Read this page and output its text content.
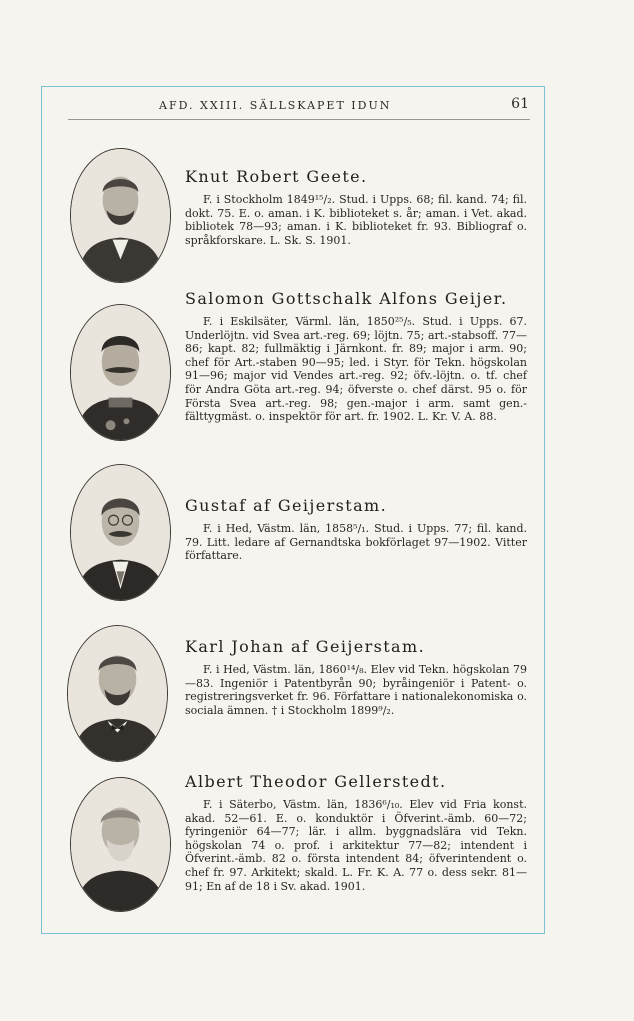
AFD. XXIII. SÄLLSKAPET IDUN	61
Knut Robert Geete.

F. i Stockholm 1849¹⁵/₂. Stud. i Upps. 68; fil. kand. 74; fil. dokt. 75. E. o. aman. i K. biblioteket s. år; aman. i Vet. akad. bibliotek 78—93; aman. i K. biblioteket fr. 93. Bibliograf o. språkforskare. L. Sk. S. 1901.

Salomon Gottschalk Alfons Geijer.

F. i Eskilsäter, Värml. län, 1850²⁵/₅. Stud. i Upps. 67. Underlöjtn. vid Svea art.-reg. 69; löjtn. 75; art.-stabsoff. 77—86; kapt. 82; fullmäktig i Järnkont. fr. 89; major i arm. 90; chef för Art.-staben 90—95; led. i Styr. för Tekn. högskolan 91—96; major vid Vendes art.-reg. 92; öfv.-löjtn. o. tf. chef för Andra Göta art.-reg. 94; öfverste o. chef därst. 95 o. för Första Svea art.-reg. 98; gen.-major i arm. samt gen.-fälttygmäst. o. inspektör för art. fr. 1902. L. Kr. V. A. 88.

Gustaf af Geijerstam.

F. i Hed, Västm. län, 1858⁵/₁. Stud. i Upps. 77; fil. kand. 79. Litt. ledare af Gernandtska bokförlaget 97—1902. Vitter författare.

Karl Johan af Geijerstam.

F. i Hed, Västm. län, 1860¹⁴/₈. Elev vid Tekn. högskolan 79—83. Ingeniör i Patentbyrån 90; byråingeniör i Patent- o. registreringsverket fr. 96. Författare i nationalekonomiska o. sociala ämnen. † i Stockholm 1899⁹/₂.

Albert Theodor Gellerstedt.

F. i Säterbo, Västm. län, 1836⁶/₁₀. Elev vid Fria konst. akad. 52—61. E. o. konduktör i Öfverint.-ämb. 60—72; fyringeniör 64—77; lär. i allm. byggnadslära vid Tekn. högskolan 74 o. prof. i arkitektur 77—82; intendent i Öfverint.-ämb. 82 o. första intendent 84; öfverintendent o. chef fr. 97. Arkitekt; skald. L. Fr. K. A. 77 o. dess sekr. 81—91; En af de 18 i Sv. akad. 1901.
